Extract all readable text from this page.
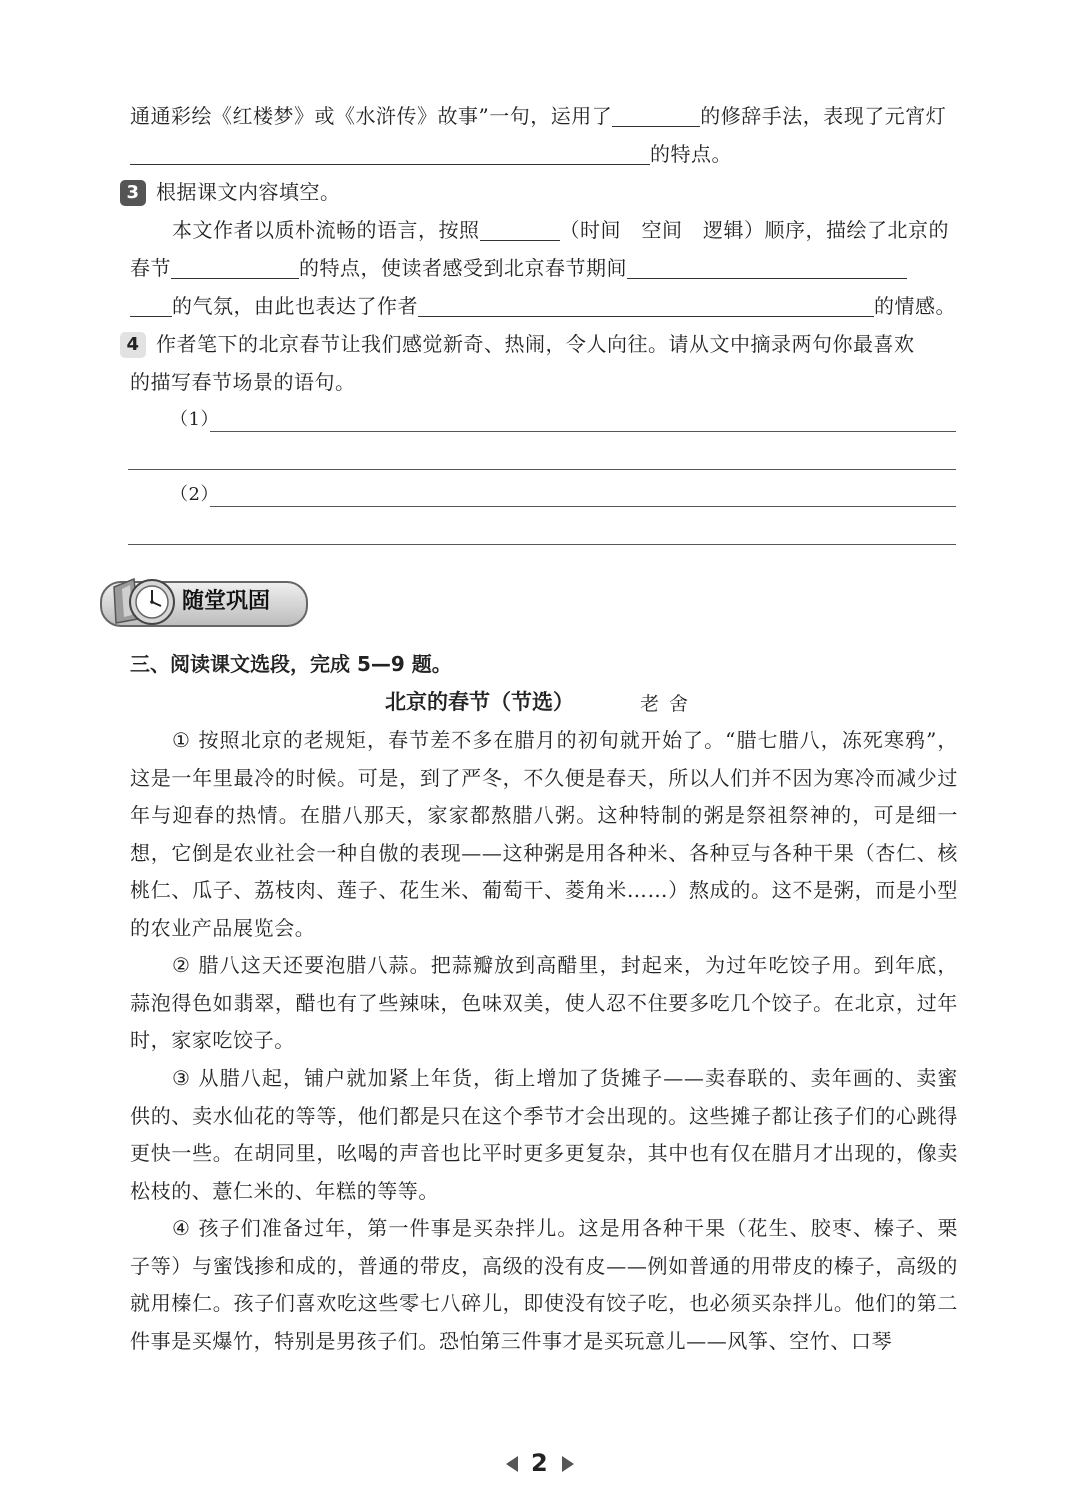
通通彩绘《红楼梦》或《水浒传》故事”一句，运用了	的修辞手法，表现了元宵灯
的特点。
3 根据课文内容填空。
本文作者以质朴流畅的语言，按照	（时间　空间　逻辑）顺序，描绘了北京的
春节	的特点，使读者感受到北京春节期间
的气氛，由此也表达了作者	的情感。
4 作者笔下的北京春节让我们感觉新奇、热闹，令人向往。请从文中摘录两句你最喜欢
的描写春节场景的语句。
（1）
（2）
随堂巩固
三、阅读课文选段，完成 5—9 题。
北京的春节（节选）	老舍
① 按照北京的老规矩，春节差不多在腊月的初旬就开始了。“腊七腊八，冻死寒鸦”，这是一年里最冷的时候。可是，到了严冬，不久便是春天，所以人们并不因为寒冷而减少过年与迎春的热情。在腊八那天，家家都熬腊八粥。这种特制的粥是祭祖祭神的，可是细一想，它倒是农业社会一种自傲的表现——这种粥是用各种米、各种豆与各种干果（杏仁、核桃仁、瓜子、荔枝肉、莲子、花生米、葡萄干、菱角米……）熬成的。这不是粥，而是小型的农业产品展览会。
② 腊八这天还要泡腊八蒜。把蒜瓣放到高醋里，封起来，为过年吃饺子用。到年底，蒜泡得色如翡翠，醋也有了些辣味，色味双美，使人忍不住要多吃几个饺子。在北京，过年时，家家吃饺子。
③ 从腊八起，铺户就加紧上年货，街上增加了货摊子——卖春联的、卖年画的、卖蜜供的、卖水仙花的等等，他们都是只在这个季节才会出现的。这些摊子都让孩子们的心跳得更快一些。在胡同里，吆喝的声音也比平时更多更复杂，其中也有仅在腊月才出现的，像卖松枝的、薏仁米的、年糕的等等。
④ 孩子们准备过年，第一件事是买杂拌儿。这是用各种干果（花生、胶枣、榛子、栗子等）与蜜饯掺和成的，普通的带皮，高级的没有皮——例如普通的用带皮的榛子，高级的就用榛仁。孩子们喜欢吃这些零七八碎儿，即使没有饺子吃，也必须买杂拌儿。他们的第二件事是买爆竹，特别是男孩子们。恐怕第三件事才是买玩意儿——风筝、空竹、口琴
2
